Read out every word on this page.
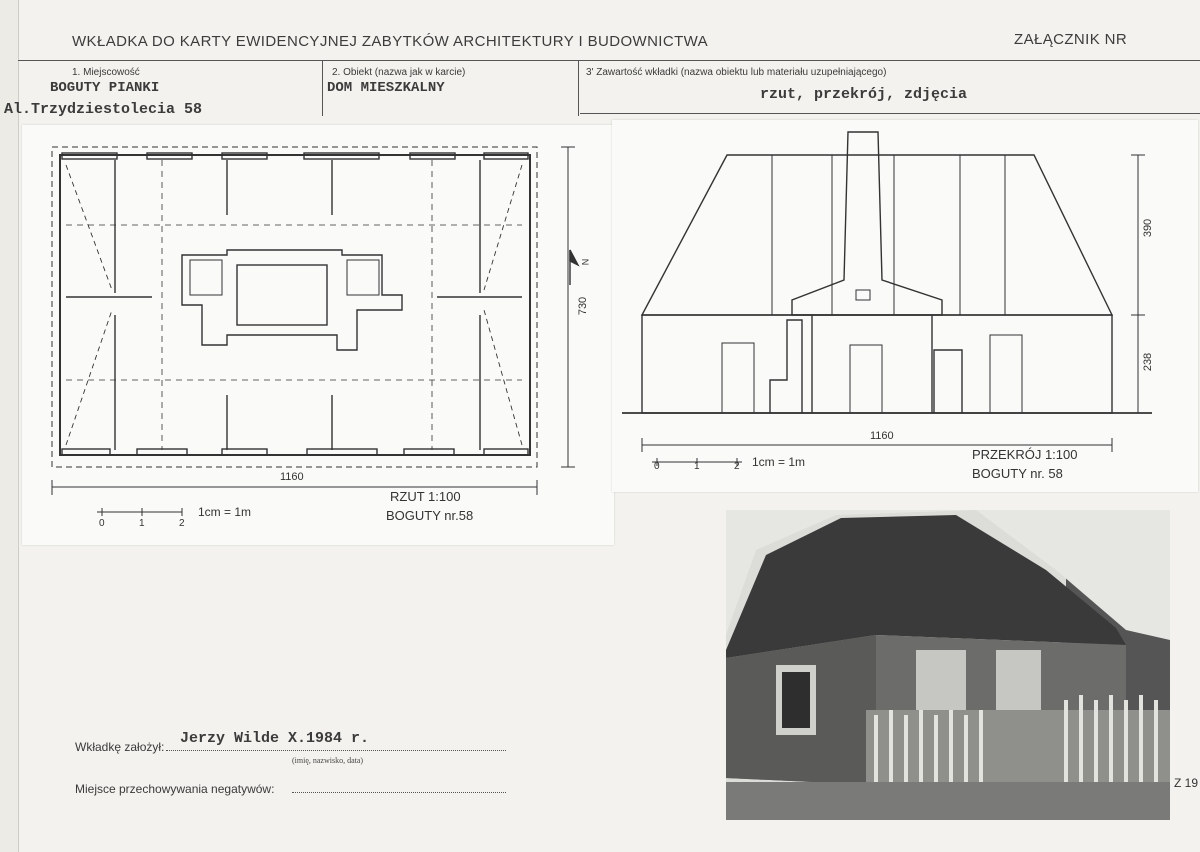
WKŁADKA DO KARTY EWIDENCYJNEJ ZABYTKÓW ARCHITEKTURY I BUDOWNICTWA	ZAŁĄCZNIK NR
1. Miejscowość
BOGUTY PIANKI
Al.Trzydziestolecia 58
2. Obiekt (nazwa jak w karcie)
DOM MIESZKALNY
3' Zawartość wkładki (nazwa obiektu lub materiału uzupełniającego)
rzut, przekrój, zdjęcia
1160
730
N
0	1	2
1cm = 1m
RZUT 1:100
BOGUTY nr.58
1160
390
238
0	1	2 1cm = 1m	PRZEKRÓJ 1:100
BOGUTY nr. 58
Wkładkę założył: Jerzy Wilde X.1984 r.
(imię, nazwisko, data)
Miejsce przechowywania negatywów:	Z 19
